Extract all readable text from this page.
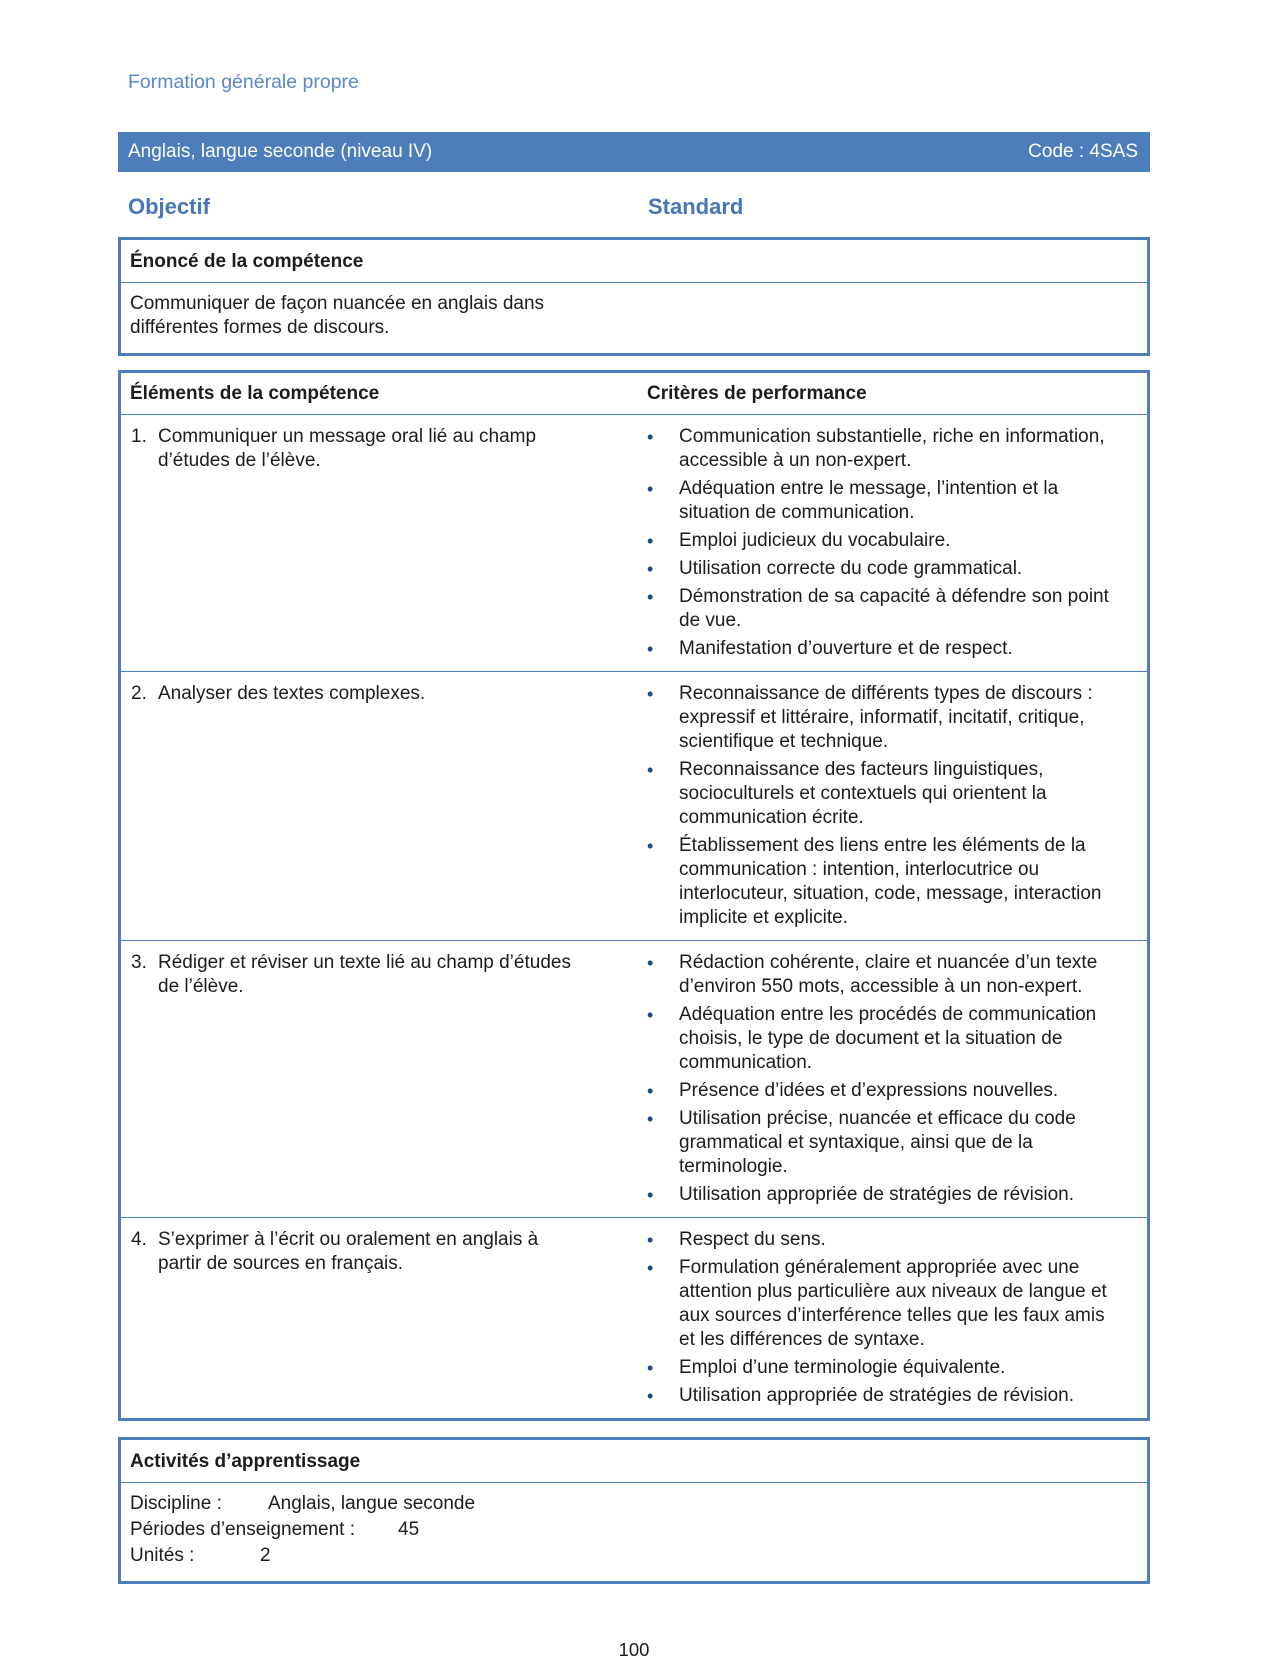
Formation générale propre
Anglais, langue seconde (niveau IV)	Code : 4SAS
Objectif	Standard
Énoncé de la compétence

Communiquer de façon nuancée en anglais dans différentes formes de discours.

Éléments de la compétence	Critères de performance
1. Communiquer un message oral lié au champ d’études de l’élève.
•	Communication substantielle, riche en information, accessible à un non-expert.
•	Adéquation entre le message, l’intention et la situation de communication.
•	Emploi judicieux du vocabulaire.
•	Utilisation correcte du code grammatical.
•	Démonstration de sa capacité à défendre son point de vue.
•	Manifestation d’ouverture et de respect.
2. Analyser des textes complexes.	•	Reconnaissance de différents types de discours : expressif et littéraire, informatif, incitatif, critique, scientifique et technique.
•	Reconnaissance des facteurs linguistiques, socioculturels et contextuels qui orientent la communication écrite.
•	Établissement des liens entre les éléments de la communication : intention, interlocutrice ou interlocuteur, situation, code, message, interaction implicite et explicite.
3. Rédiger et réviser un texte lié au champ d’études de l’élève.
•	Rédaction cohérente, claire et nuancée d’un texte d’environ 550 mots, accessible à un non-expert.
•	Adéquation entre les procédés de communication choisis, le type de document et la situation de communication.
•	Présence d’idées et d’expressions nouvelles.
•	Utilisation précise, nuancée et efficace du code grammatical et syntaxique, ainsi que de la terminologie.
•	Utilisation appropriée de stratégies de révision.
4. S’exprimer à l’écrit ou oralement en anglais à partir de sources en français.
•	Respect du sens.
•	Formulation généralement appropriée avec une attention plus particulière aux niveaux de langue et aux sources d’interférence telles que les faux amis et les différences de syntaxe.
•	Emploi d’une terminologie équivalente.
•	Utilisation appropriée de stratégies de révision.
Activités d’apprentissage
Discipline : Anglais, langue seconde
Périodes d’enseignement : 45
Unités :	2
100
